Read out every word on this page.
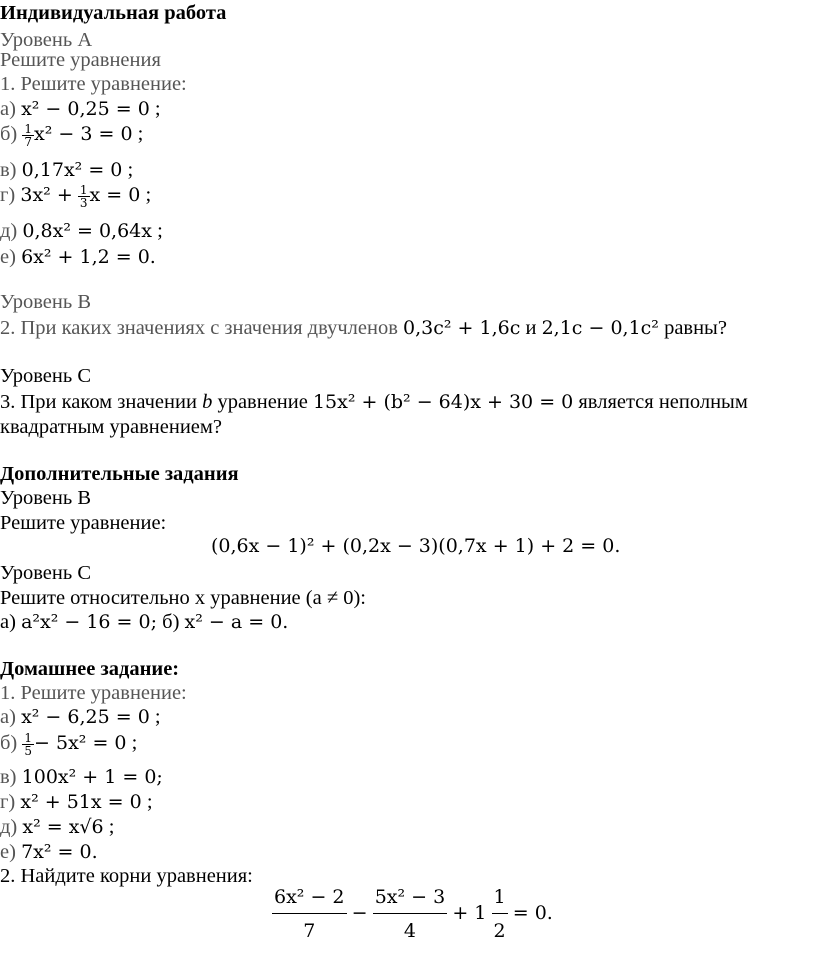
Индивидуальная работа
Уровень А
Решите уравнения
1. Решите уравнение:
а) x² − 0,25 = 0 ;
$б) \frac{1}{7} x^2 - 3 = 0$ ;
в) 0,17x² = 0 ;
г) $3x^2 + \frac{1}{3}$ x = 0 ;
д) 0,8x² = 0,64x ;
е) 6x² + 1,2 = 0.
Уровень В
2. При каких значениях с значения двучленов 0,3c² + 1,6c и 2,1c − 0,1c² равны?
Уровень С
3. При каком значении b уравнение 15x² + (b² − 64)x + 30 = 0 является неполным
квадратным уравнением?
Дополнительные задания
Уровень В
Решите уравнение:
(0,6x − 1)² + (0,2x − 3)(0,7x + 1) + 2 = 0.
Уровень С
Решите относительно х уравнение (a ≠ 0):
а) a²x² − 16 = 0; б) x² − a = 0.
Домашнее задание:
1. Решите уравнение:
а) x² − 6,25 = 0 ;
$б) \frac{1}{5} - 5x^2 = 0$ ;
в) 100x² + 1 = 0;
г) x² + 51x = 0 ;
д) x² = x√6 ;
е) 7x² = 0.
2. Найдите корни уравнения:
$\frac{\text{6x² − 2}}{7} - \frac{\text{5x² − 3}}{4} + 1 \frac{1}{2} = 0$.
